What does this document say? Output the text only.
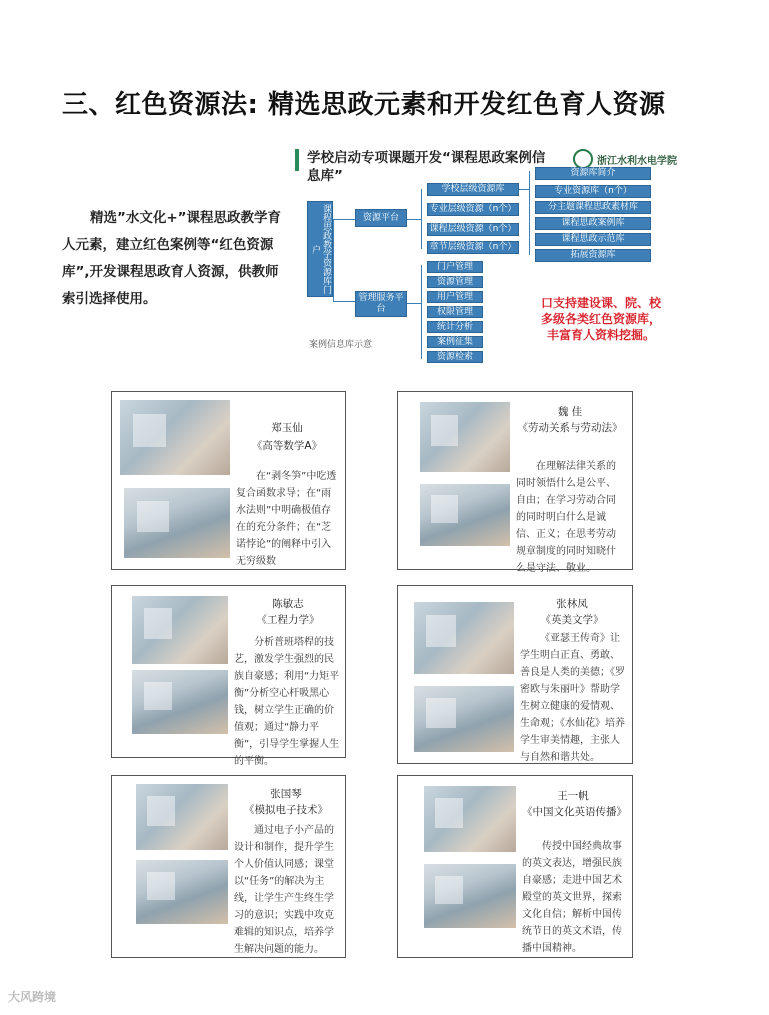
三、红色资源法: 精选思政元素和开发红色育人资源
精选”水文化+”课程思政教学育人元素，建立红色案例等“红色资源库”,开发课程思政育人资源，供教师索引选择使用。
学校启动专项课题开发“课程思政案例信息库”
浙江水利水电学院
课程思政教学资源库门户
资源平台
管理服务平台
学校层级资源库
专业层级资源（n个）
课程层级资源（n个）
章节层级资源（n个）
资源库简介
专业资源库（n个）
分主题课程思政素材库
课程思政案例库
课程思政示范库
拓展资源库
门户管理
资源管理
用户管理
权限管理
统计分析
案例征集
资源检索
案例信息库示意
口支持建设课、院、校
多级各类红色资源库，
丰富育人资料挖掘。
郑玉仙
《高等数学A》
在“剥冬笋”中吃透复合函数求导；在“雨水法则”中明确极值存在的充分条件；在“芝诺悖论”的阐释中引入无穷级数
魏 佳
《劳动关系与劳动法》
在理解法律关系的同时领悟什么是公平、自由；在学习劳动合同的同时明白什么是诚信、正义；在思考劳动规章制度的同时知晓什么是守法、敬业。
陈敏志
《工程力学》
分析普班塔桿的技艺，激发学生强烈的民族自豪感；利用“力矩平衡”分析空心杆吸黑心钱，树立学生正确的价值观；通过“静力平衡”，引导学生掌握人生的平衡。
张林凤
《英美文学》
《亚瑟王传奇》让学生明白正直、勇敢、善良是人类的美德；《罗密欧与朱丽叶》帮助学生树立健康的爱情观、生命观；《水仙花》培养学生审美情趣，主张人与自然和谐共处。
张国琴
《模拟电子技术》
通过电子小产品的设计和制作，提升学生个人价值认同感；课堂以“任务”的解决为主线，让学生产生终生学习的意识；实践中攻克难辑的知识点，培养学生解决问题的能力。
王一帆
《中国文化英语传播》
传授中国经典故事的英文表达，增强民族自豪感；走进中国艺术殿堂的英文世界，探索文化自信；解析中国传统节日的英文术语，传播中国精神。
大风跨境
